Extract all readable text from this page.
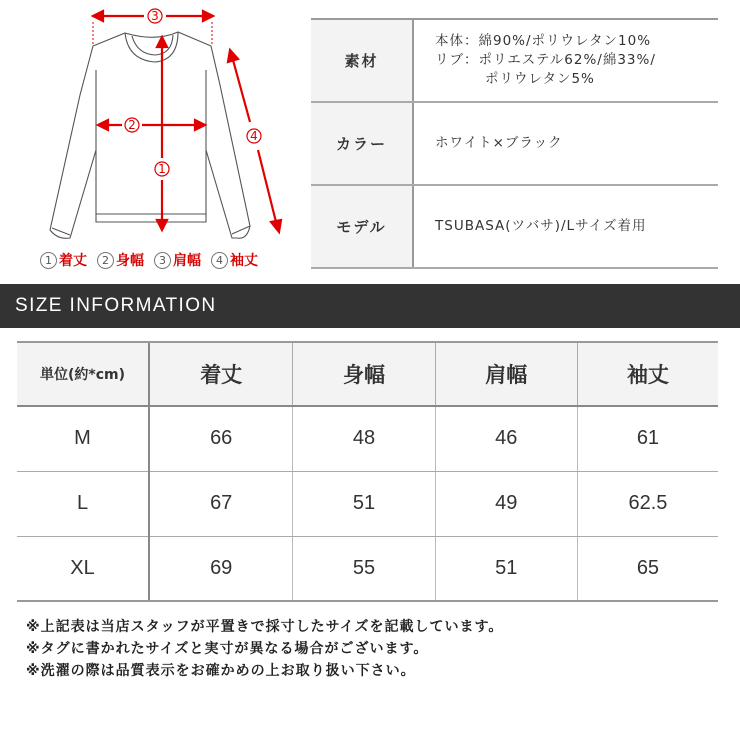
3
2
1
4
1 着丈	2 身幅	3 肩幅	4 袖丈
素材
本体：綿90%/ポリウレタン10%
リブ：ポリエステル62%/綿33%/
ポリウレタン5%
カラー	ホワイト×ブラック
モデル	TSUBASA(ツバサ)/Lサイズ着用
SIZE INFORMATION
単位(約*cm)	着丈	身幅	肩幅	袖丈
M	66	48	46	61
L	67	51	49	62.5
XL	69	55	51	65
※上記表は当店スタッフが平置きで採寸したサイズを記載しています。
※タグに書かれたサイズと実寸が異なる場合がございます。
※洗濯の際は品質表示をお確かめの上お取り扱い下さい。
